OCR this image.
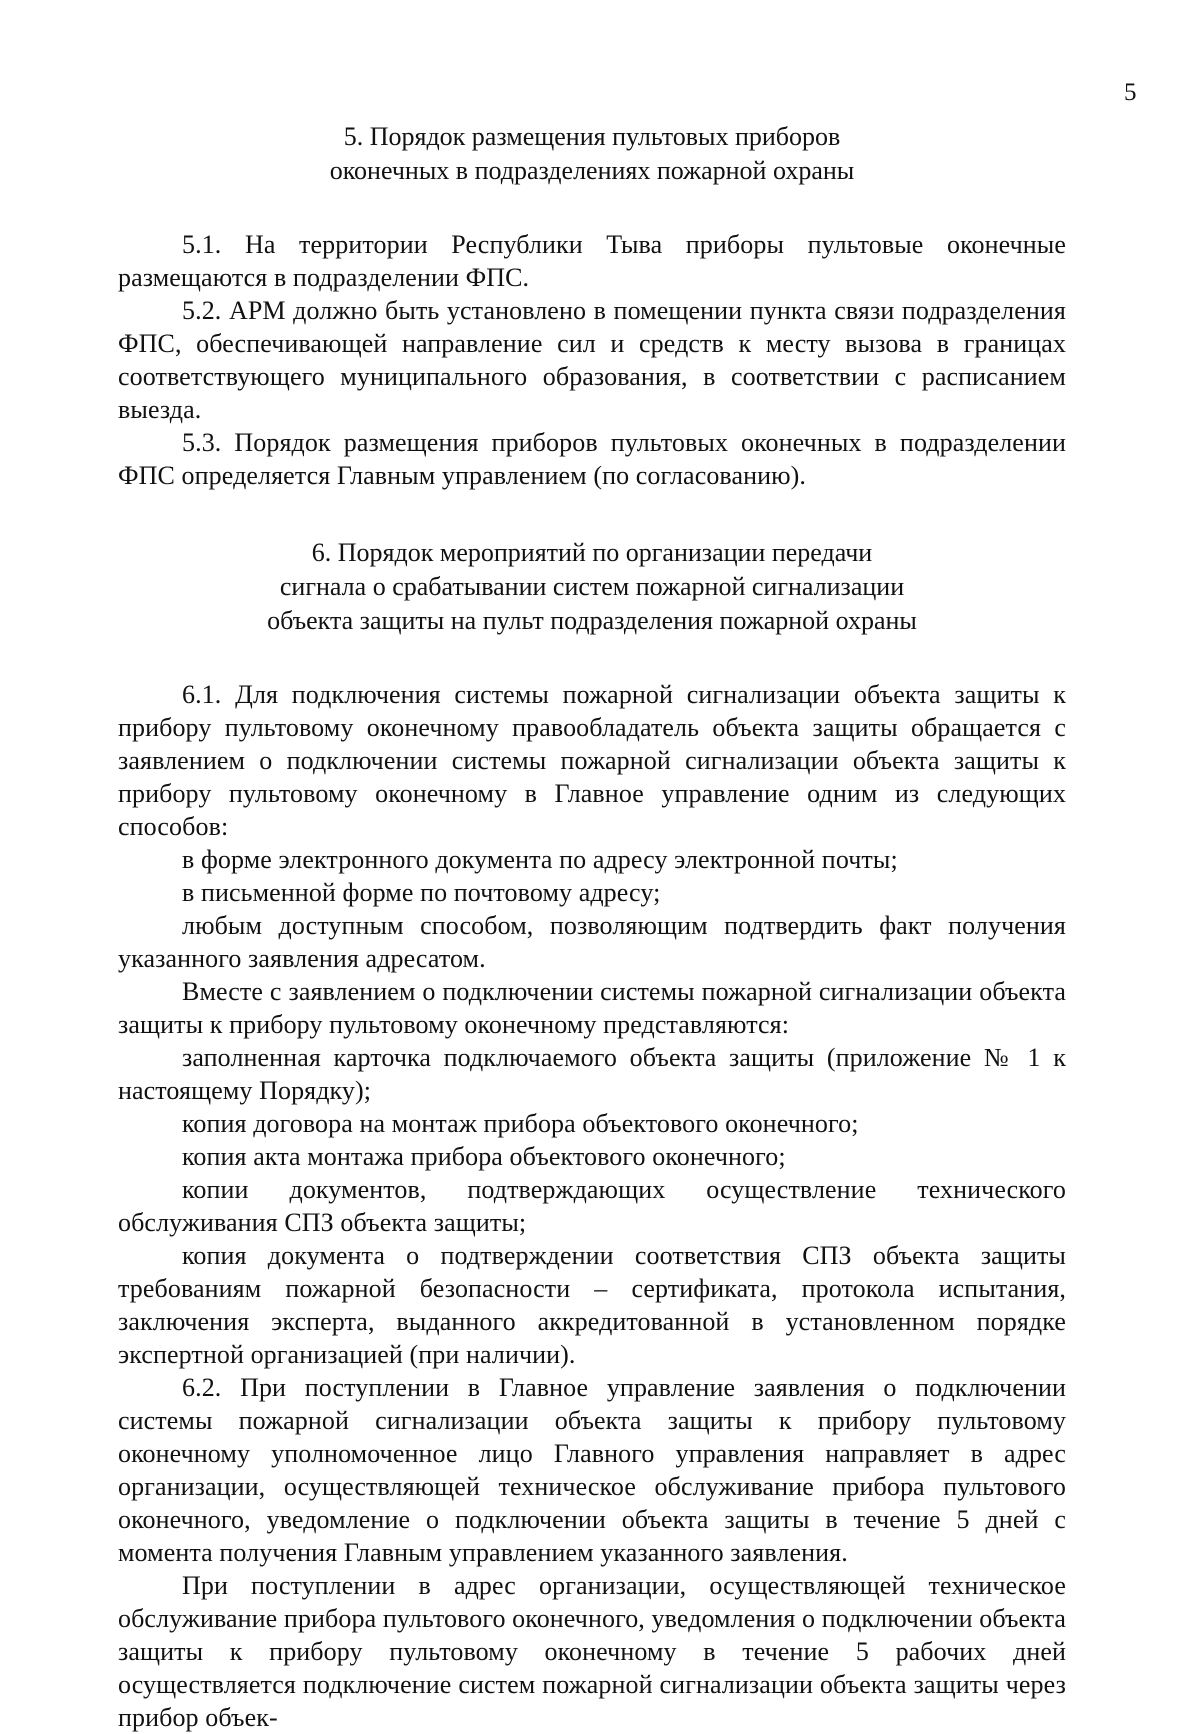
5
5. Порядок размещения пультовых приборов
оконечных в подразделениях пожарной охраны

5.1. На территории Республики Тыва приборы пультовые оконечные размещаются в подразделении ФПС.

5.2. АРМ должно быть установлено в помещении пункта связи подразделения ФПС, обеспечивающей направление сил и средств к месту вызова в границах соответствующего муниципального образования, в соответствии с расписанием выезда.

5.3. Порядок размещения приборов пультовых оконечных в подразделении ФПС определяется Главным управлением (по согласованию).

6. Порядок мероприятий по организации передачи
сигнала о срабатывании систем пожарной сигнализации
объекта защиты на пульт подразделения пожарной охраны

6.1. Для подключения системы пожарной сигнализации объекта защиты к прибору пультовому оконечному правообладатель объекта защиты обращается с заявлением о подключении системы пожарной сигнализации объекта защиты к прибору пультовому оконечному в Главное управление одним из следующих способов:

в форме электронного документа по адресу электронной почты;

в письменной форме по почтовому адресу;

любым доступным способом, позволяющим подтвердить факт получения указанного заявления адресатом.

Вместе с заявлением о подключении системы пожарной сигнализации объекта защиты к прибору пультовому оконечному представляются:

заполненная карточка подключаемого объекта защиты (приложение № 1 к настоящему Порядку);

копия договора на монтаж прибора объектового оконечного;

копия акта монтажа прибора объектового оконечного;

копии документов, подтверждающих осуществление технического обслуживания СПЗ объекта защиты;

копия документа о подтверждении соответствия СПЗ объекта защиты требованиям пожарной безопасности – сертификата, протокола испытания, заключения эксперта, выданного аккредитованной в установленном порядке экспертной организацией (при наличии).

6.2. При поступлении в Главное управление заявления о подключении системы пожарной сигнализации объекта защиты к прибору пультовому оконечному уполномоченное лицо Главного управления направляет в адрес организации, осуществляющей техническое обслуживание прибора пультового оконечного, уведомление о подключении объекта защиты в течение 5 дней с момента получения Главным управлением указанного заявления.

При поступлении в адрес организации, осуществляющей техническое обслуживание прибора пультового оконечного, уведомления о подключении объекта защиты к прибору пультовому оконечному в течение 5 рабочих дней осуществляется подключение систем пожарной сигнализации объекта защиты через прибор объек-
